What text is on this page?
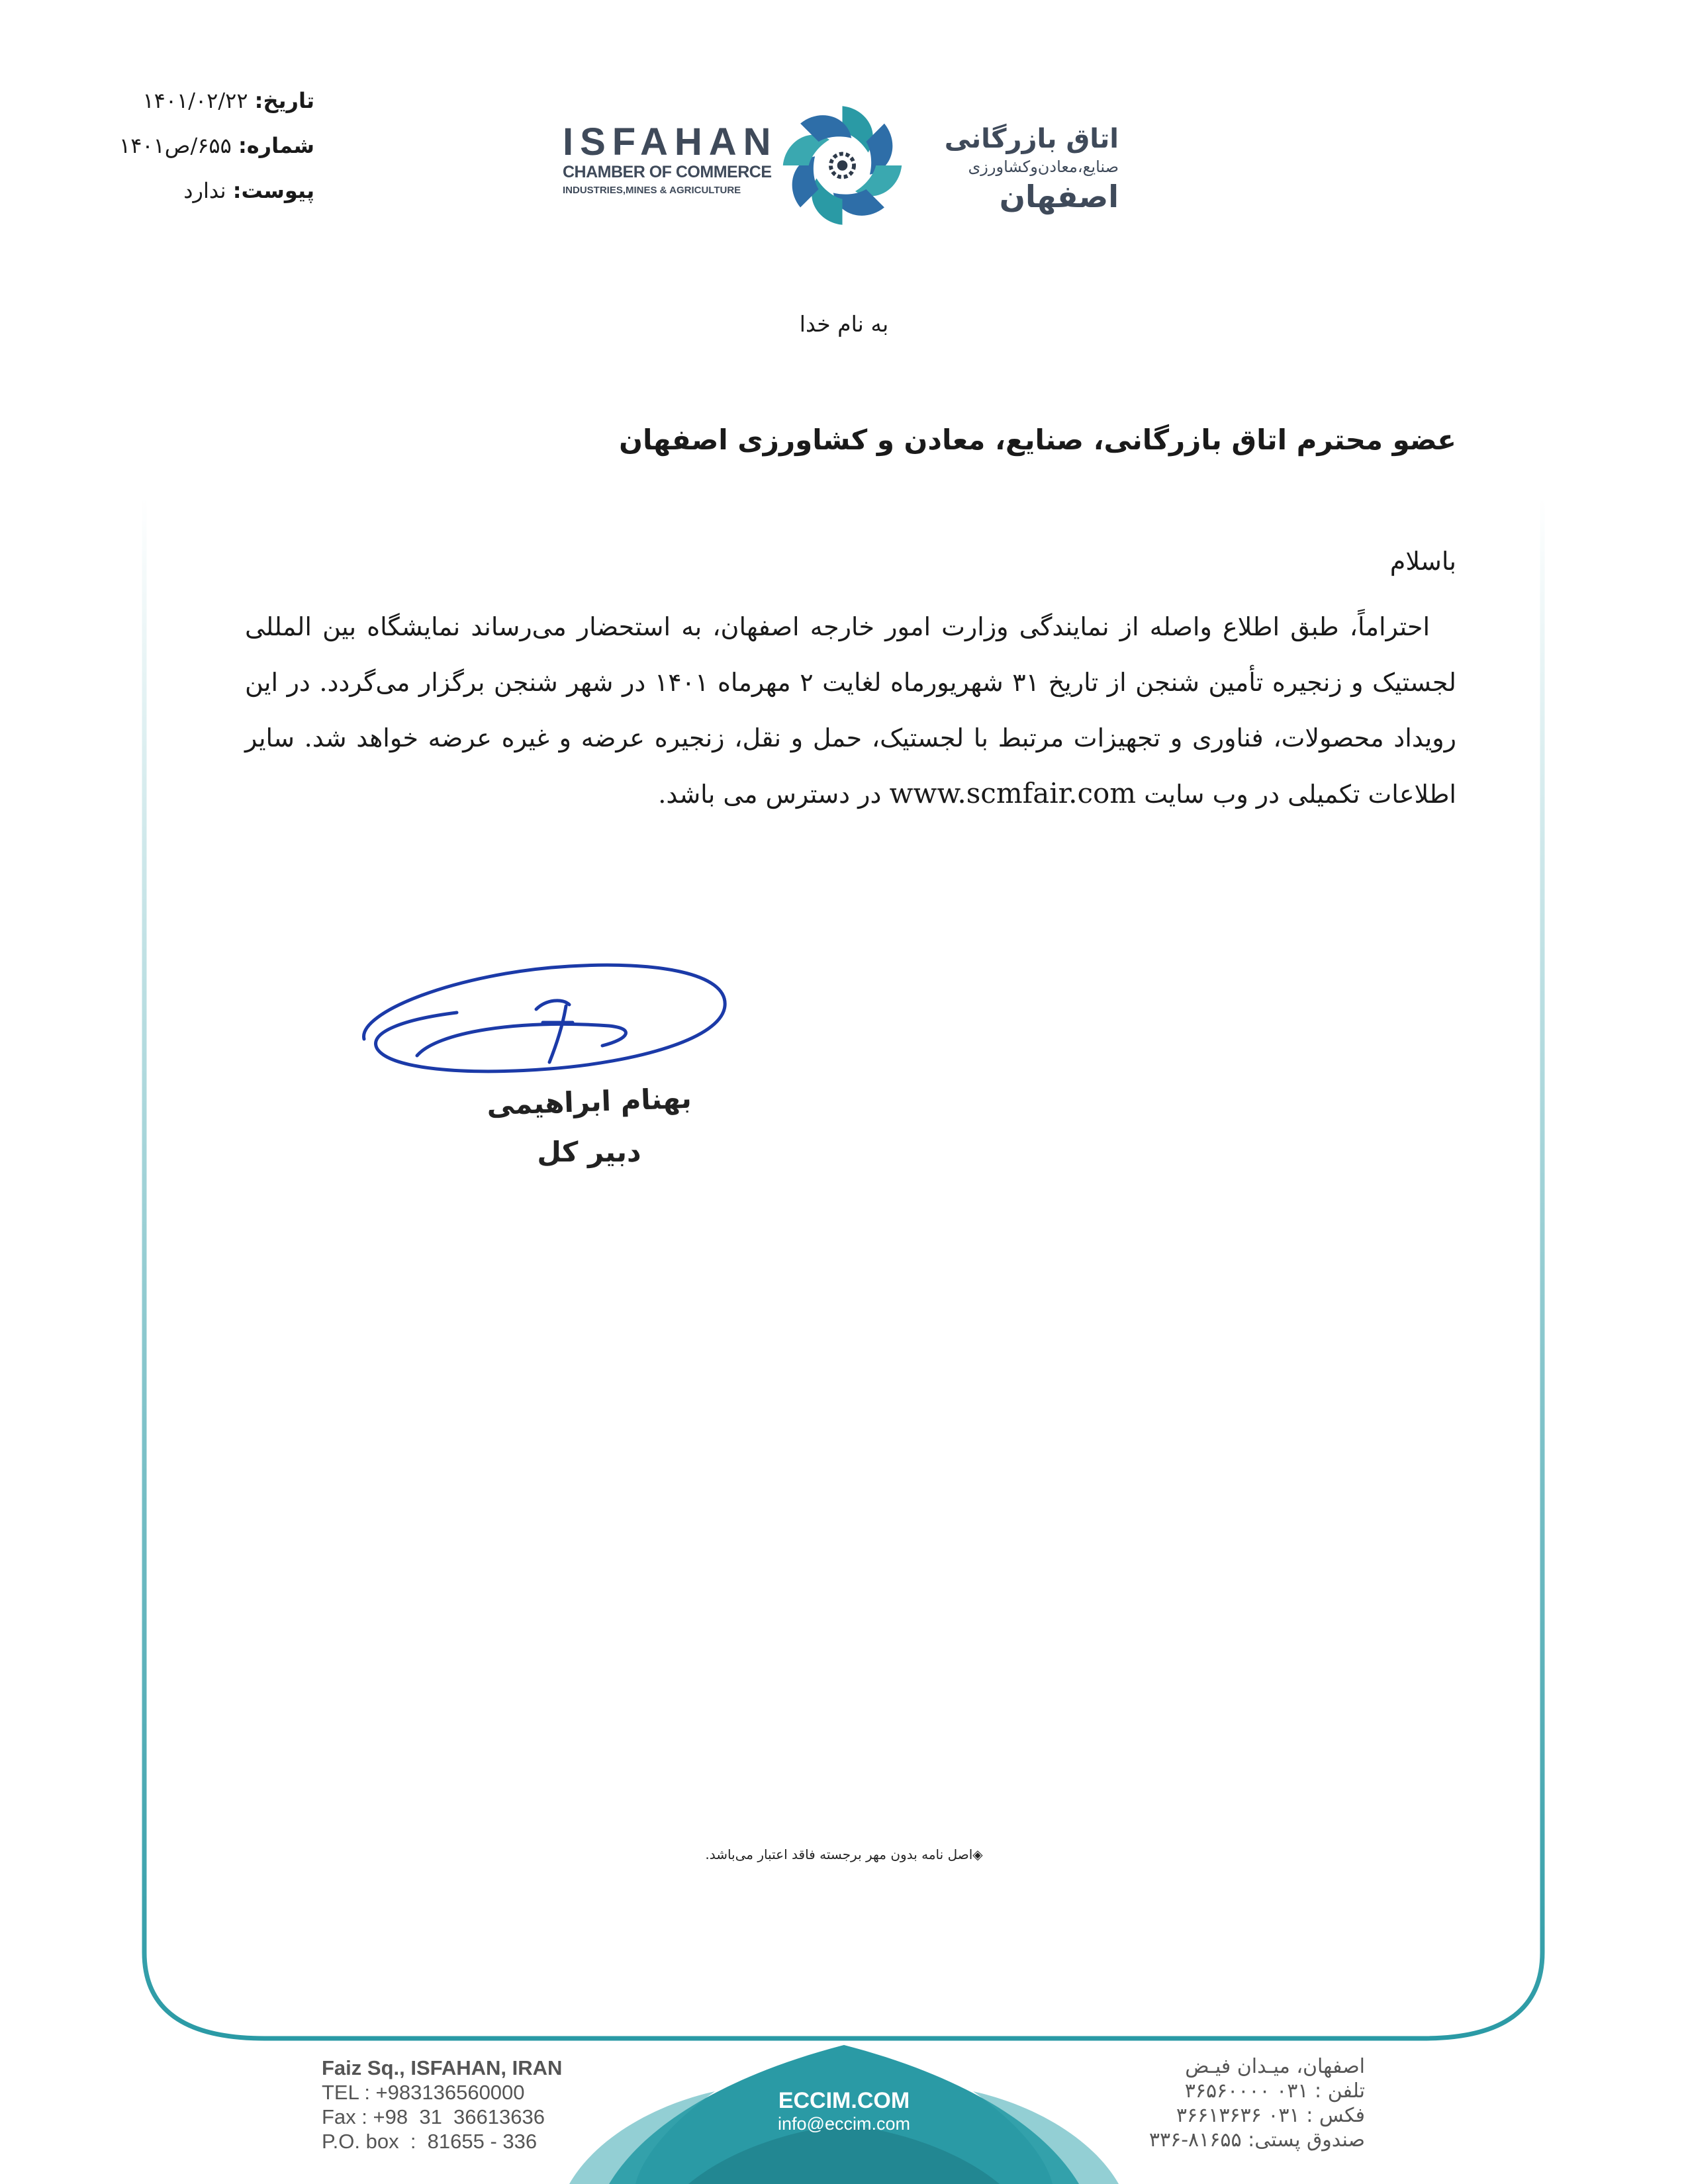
تاریخ: ۱۴۰۱/۰۲/۲۲
شماره: ۶۵۵/ص۱۴۰۱
پیوست: ندارد
ISFAHAN
CHAMBER OF COMMERCE
INDUSTRIES,MINES & AGRICULTURE
اتاق بازرگانی
صنایع،معادن‌وکشاورزی
اصفهان
به نام خدا
عضو محترم اتاق بازرگانی، صنایع، معادن و کشاورزی اصفهان
باسلام
احتراماً، طبق اطلاع واصله از نمایندگی وزارت امور خارجه اصفهان، به استحضار می‌رساند نمایشگاه بین المللی لجستیک و زنجیره تأمین شنجن از تاریخ ۳۱ شهریورماه لغایت ۲ مهرماه ۱۴۰۱ در شهر شنجن برگزار می‌گردد. در این رویداد محصولات، فناوری و تجهیزات مرتبط با لجستیک، حمل و نقل، زنجیره عرضه و غیره عرضه خواهد شد. سایر اطلاعات تکمیلی در وب سایت www.scmfair.com در دسترس می باشد.
بهنام ابراهیمی
دبیر کل
◈اصل نامه بدون مهر برجسته فاقد اعتبار می‌باشد.
Faiz Sq., ISFAHAN, IRAN
TEL : +983136560000
Fax : +98  31  36613636
P.O. box  :  81655 - 336
ECCIM.COM
info@eccim.com
اصفهان، میـدان فیـض
تلفن : ۰۳۱ ۳۶۵۶۰۰۰۰
فکس : ۰۳۱ ۳۶۶۱۳۶۳۶
صندوق پستی: ۸۱۶۵۵-۳۳۶
